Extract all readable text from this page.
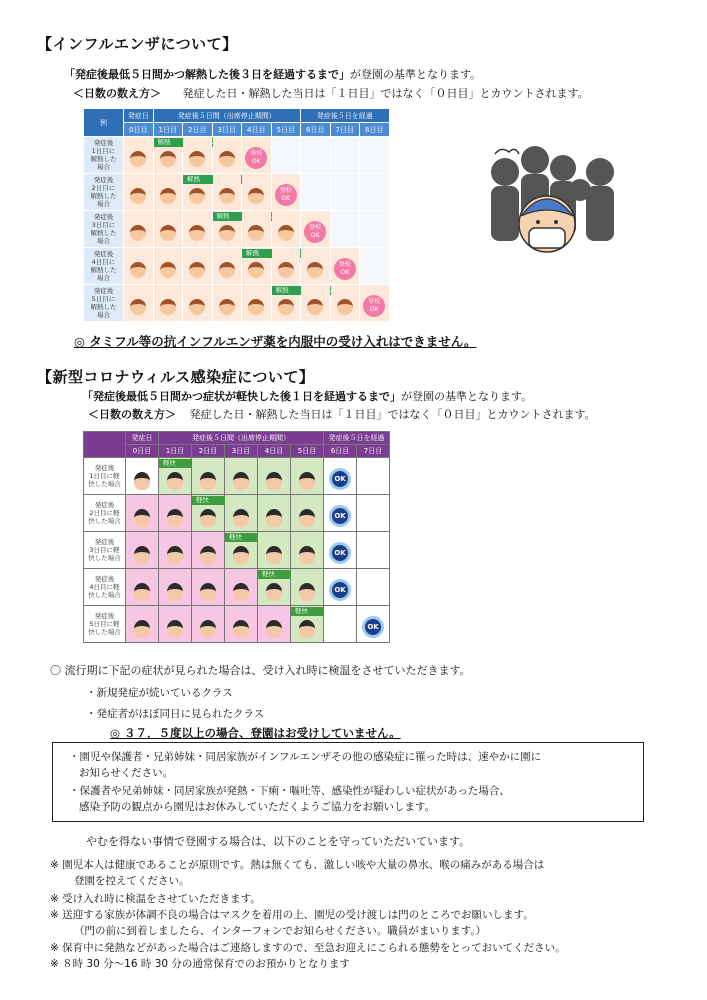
【インフルエンザについて】
「発症後最低５日間かつ解熱した後３日を経過するまで」が登園の基準となります。
＜日数の数え方＞ 発症した日・解熱した当日は「１日目」ではなく「０日目」とカウントされます。
例	発症日	発症後５日間（出席停止期間）					発症後５日を経過		
	0日目	1日目	2日目	3日目	4日目	5日目	6日目	7日目	8日目
発症後
1日目に
解熱した
場合		解熱			登校
OK				
発症後
2日目に
解熱した
場合			解熱			登校
OK			
発症後
3日目に
解熱した
場合				解熱			登校
OK		
発症後
4日目に
解熱した
場合					解熱			登校
OK	
発症後
5日目に
解熱した
場合						解熱			登校
OK
◎ タミフル等の抗インフルエンザ薬を内服中の受け入れはできません。
【新型コロナウィルス感染症について】
「発症後最低５日間かつ症状が軽快した後１日を経過するまで」が登園の基準となります。
＜日数の数え方＞ 発症した日・解熱した当日は「１日目」ではなく「０日目」とカウントされます。
	発症日	発症後５日間（出席停止期間）					発症後５日を経過	
	0日目	1日目	2日目	3日目	4日目	5日目	6日目	7日目
発症後
1日目に軽
快した場合		軽快					OK	
発症後
2日目に軽
快した場合			軽快				OK	
発症後
3日目に軽
快した場合				軽快			OK	
発症後
4日目に軽
快した場合					軽快		OK	
発症後
5日目に軽
快した場合						軽快		OK
〇 流行期に下記の症状が見られた場合は、受け入れ時に検温をさせていただきます。
・新規発症が続いているクラス
・発症者がほぼ同日に見られたクラス
◎ ３７．５度以上の場合、登園はお受けしていません。
・園児や保護者・兄弟姉妹・同居家族がインフルエンザその他の感染症に罹った時は、速やかに園に
お知らせください。
・保護者や兄弟姉妹・同居家族が発熱・下痢・嘔吐等、感染性が疑わしい症状があった場合、
感染予防の観点から園児はお休みしていただくようご協力をお願いします。
やむを得ない事情で登園する場合は、以下のことを守っていただいています。
※ 園児本人は健康であることが原則です。熱は無くても、激しい咳や大量の鼻水、喉の痛みがある場合は
登園を控えてください。
※ 受け入れ時に検温をさせていただきます。
※ 送迎する家族が体調不良の場合はマスクを着用の上、園児の受け渡しは門のところでお願いします。
（門の前に到着しましたら、インターフォンでお知らせください。職員がまいります。）
※ 保育中に発熱などがあった場合はご連絡しますので、至急お迎えにこられる態勢をとっておいてください。
※ ８時 30 分～16 時 30 分の通常保育でのお預かりとなります
